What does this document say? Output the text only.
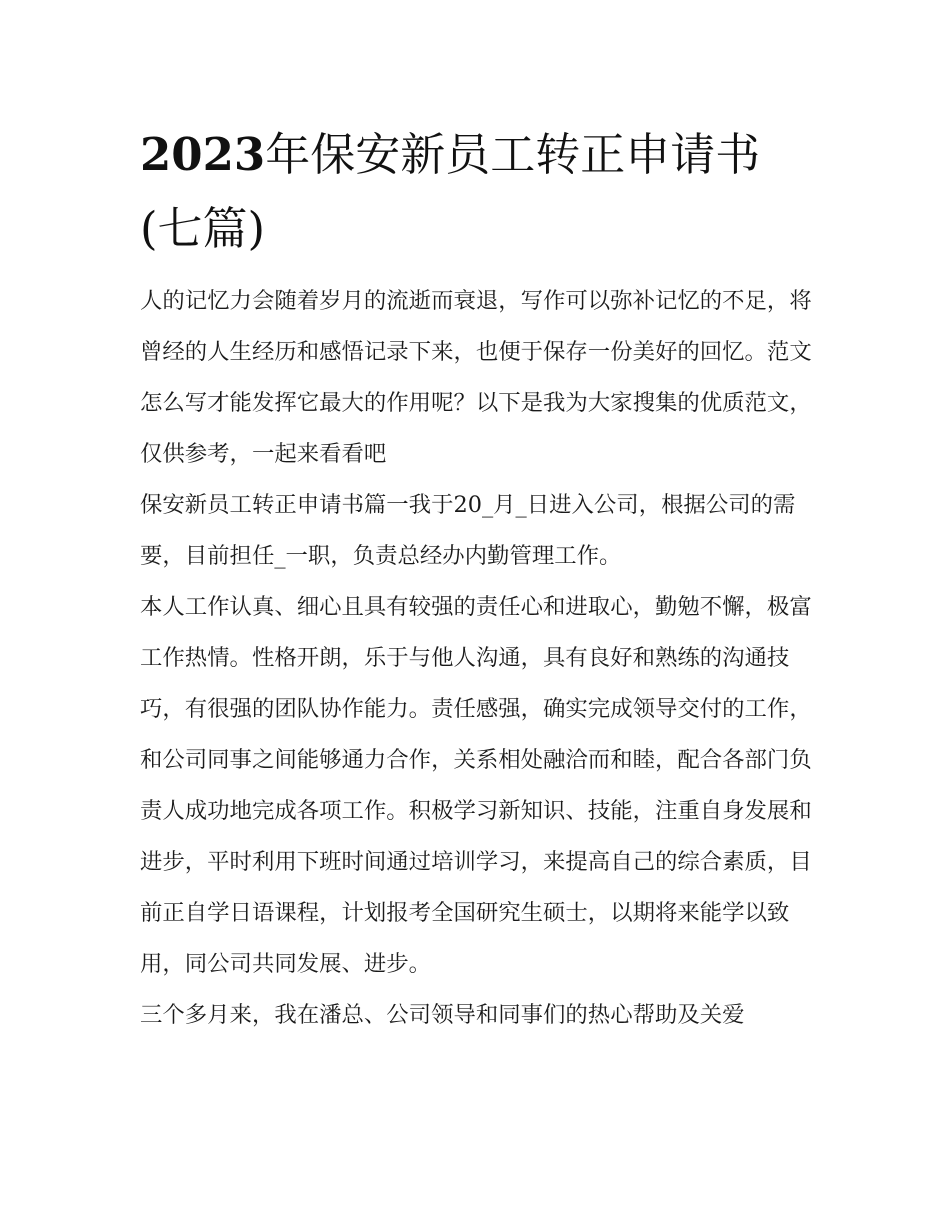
2023年保安新员工转正申请书(七篇)

人的记忆力会随着岁月的流逝而衰退，写作可以弥补记忆的不足，将曾经的人生经历和感悟记录下来，也便于保存一份美好的回忆。范文怎么写才能发挥它最大的作用呢？以下是我为大家搜集的优质范文，仅供参考，一起来看看吧

保安新员工转正申请书篇一我于20_月_日进入公司，根据公司的需要，目前担任_一职，负责总经办内勤管理工作。

本人工作认真、细心且具有较强的责任心和进取心，勤勉不懈，极富工作热情。性格开朗，乐于与他人沟通，具有良好和熟练的沟通技巧，有很强的团队协作能力。责任感强，确实完成领导交付的工作，和公司同事之间能够通力合作，关系相处融洽而和睦，配合各部门负责人成功地完成各项工作。积极学习新知识、技能，注重自身发展和进步，平时利用下班时间通过培训学习，来提高自己的综合素质，目前正自学日语课程，计划报考全国研究生硕士，以期将来能学以致用，同公司共同发展、进步。

三个多月来，我在潘总、公司领导和同事们的热心帮助及关爱
